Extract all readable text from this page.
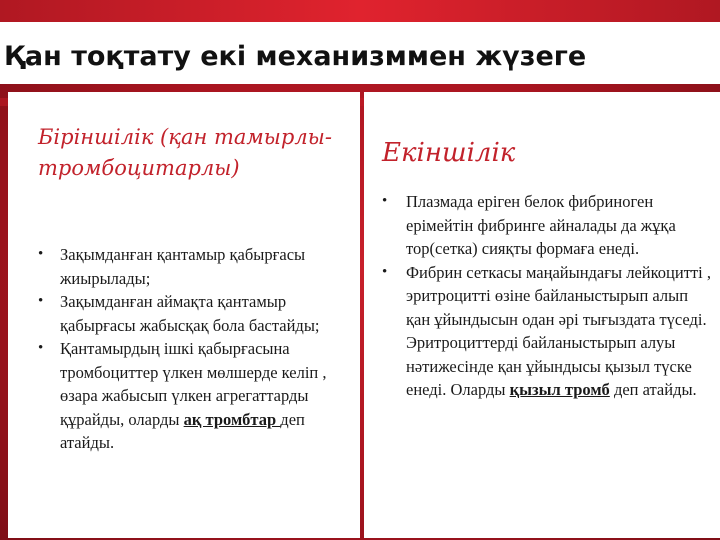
Қан тоқтату екі механизммен жүзеге
Біріншілік (қан тамырлы-тромбоцитарлы)
• Зақымданған қантамыр қабырғасы жиырылады;
• Зақымданған аймақта қантамыр қабырғасы жабысқақ бола бастайды;
• Қантамырдың ішкі қабырғасына тромбоциттер үлкен мөлшерде келіп , өзара жабысып үлкен агрегаттарды құрайды, оларды ақ тромбтар деп атайды.
Екіншілік
• Плазмада еріген белок фибриноген ерімейтін фибринге айналады да жұқа тор(сетка) сияқты формаға енеді.
• Фибрин сеткасы маңайындағы лейкоцитті , эритроцитті өзіне байланыстырып алып қан ұйындысын одан әрі тығыздата түседі. Эритроциттерді байланыстырып алуы нәтижесінде қан ұйындысы қызыл түске енеді. Оларды қызыл тромб деп атайды.
